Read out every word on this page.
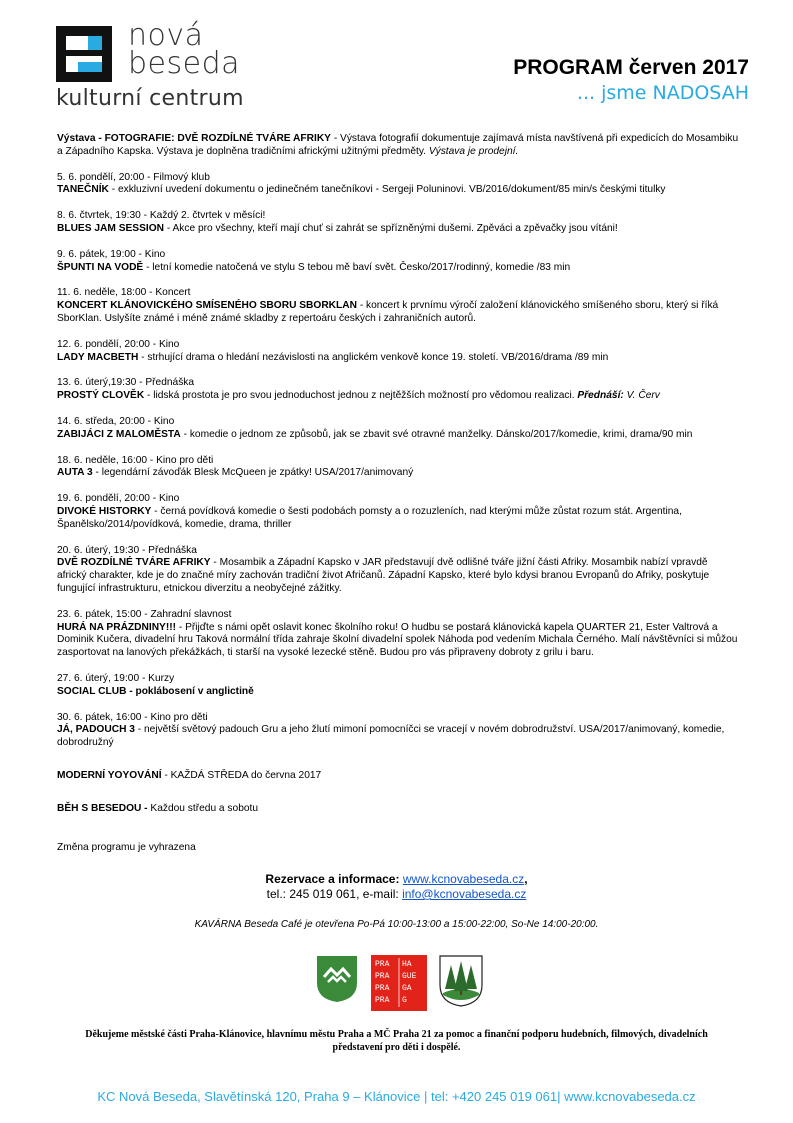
nová
beseda
kulturní centrum
PROGRAM červen 2017
... jsme NADOSAH

Výstava - FOTOGRAFIE: DVĚ ROZDÍLNÉ TVÁRE AFRIKY - Výstava fotografií dokumentuje zajímavá místa navštívená při expedicích do Mosambiku a Západního Kapska. Výstava je doplněna tradičními africkými užitnými předměty. Výstava je prodejní.

5. 6. pondělí, 20:00 - Filmový klub

TANEČNÍK - exkluzivní uvedení dokumentu o jedinečném tanečníkovi - Sergeji Poluninovi. VB/2016/dokument/85 min/s českými titulky

8. 6. čtvrtek, 19:30 - Každý 2. čtvrtek v měsíci!

BLUES JAM SESSION - Akce pro všechny, kteří mají chuť si zahrát se spřízněnými dušemi. Zpěváci a zpěvačky jsou vítáni!

9. 6. pátek, 19:00 - Kino

ŠPUNTI NA VODĚ - letní komedie natočená ve stylu S tebou mě baví svět. Česko/2017/rodinný, komedie /83 min

11. 6. neděle, 18:00 - Koncert

KONCERT KLÁNOVICKÉHO SMÍSENÉHO SBORU SBORKLAN - koncert k prvnímu výročí založení klánovického smíšeného sboru, který si říká SborKlan. Uslyšíte známé i méně známé skladby z repertoáru českých i zahraničních autorů.

12. 6. pondělí, 20:00 - Kino

LADY MACBETH - strhující drama o hledání nezávislosti na anglickém venkově konce 19. století. VB/2016/drama /89 min

13. 6. úterý,19:30 - Přednáška

PROSTÝ CLOVĚK - lidská prostota je pro svou jednoduchost jednou z nejtěžších možností pro vědomou realizaci. Přednáší: V. Červ

14. 6. středa, 20:00 - Kino

ZABIJÁCI Z MALOMĚSTA - komedie o jednom ze způsobů, jak se zbavit své otravné manželky. Dánsko/2017/komedie, krimi, drama/90 min

18. 6. neděle, 16:00 - Kino pro děti

AUTA 3 - legendární závoďák Blesk McQueen je zpátky! USA/2017/animovaný

19. 6. pondělí, 20:00 - Kino

DIVOKÉ HISTORKY - černá povídková komedie o šesti podobách pomsty a o rozuzleních, nad kterými může zůstat rozum stát. Argentina, Španělsko/2014/povídková, komedie, drama, thriller

20. 6. úterý, 19:30 - Přednáška

DVĚ ROZDÍLNÉ TVÁRE AFRIKY - Mosambik a Západní Kapsko v JAR představují dvě odlišné tváře jižní části Afriky. Mosambik nabízí vpravdě africký charakter, kde je do značné míry zachován tradiční život Afričanů. Západní Kapsko, které bylo kdysi branou Evropanů do Afriky, poskytuje fungující infrastrukturu, etnickou diverzitu a neobyčejné zážitky.

23. 6. pátek, 15:00 - Zahradní slavnost

HURÁ NA PRÁZDNINY!!! - Přijďte s námi opět oslavit konec školního roku! O hudbu se postará klánovická kapela QUARTER 21, Ester Valtrová a Dominik Kučera, divadelní hru Taková normální třída zahraje školní divadelní spolek Náhoda pod vedením Michala Černého. Malí návštěvníci si můžou zasportovat na lanových překážkách, ti starší na vysoké lezecké stěně. Budou pro vás připraveny dobroty z grilu i baru.

27. 6. úterý, 19:00 - Kurzy

SOCIAL CLUB - poklábosení v anglictině

30. 6. pátek, 16:00 - Kino pro děti

JÁ, PADOUCH 3 - největší světový padouch Gru a jeho žlutí mimoní pomocníčci se vracejí v novém dobrodružství. USA/2017/animovaný, komedie, dobrodružný

MODERNÍ YOYOVÁNÍ - KAŽDÁ STŘEDA do června 2017

BĚH S BESEDOU - Každou středu a sobotu

Změna programu je vyhrazena
Rezervace a informace: www.kcnovabeseda.cz,
tel.: 245 019 061, e-mail: info@kcnovabeseda.cz
KAVÁRNA Beseda Café je otevřena Po-Pá 10:00-13:00 a 15:00-22:00, So-Ne 14:00-20:00.
PRA HA
PRA GUE
PRA GA
PRA G
Děkujeme městské části Praha-Klánovice, hlavnímu městu Praha a MČ Praha 21 za pomoc a finanční podporu hudebních, filmových, divadelních představení pro děti i dospělé.
KC Nová Beseda, Slavětínská 120, Praha 9 – Klánovice | tel: +420 245 019 061| www.kcnovabeseda.cz
